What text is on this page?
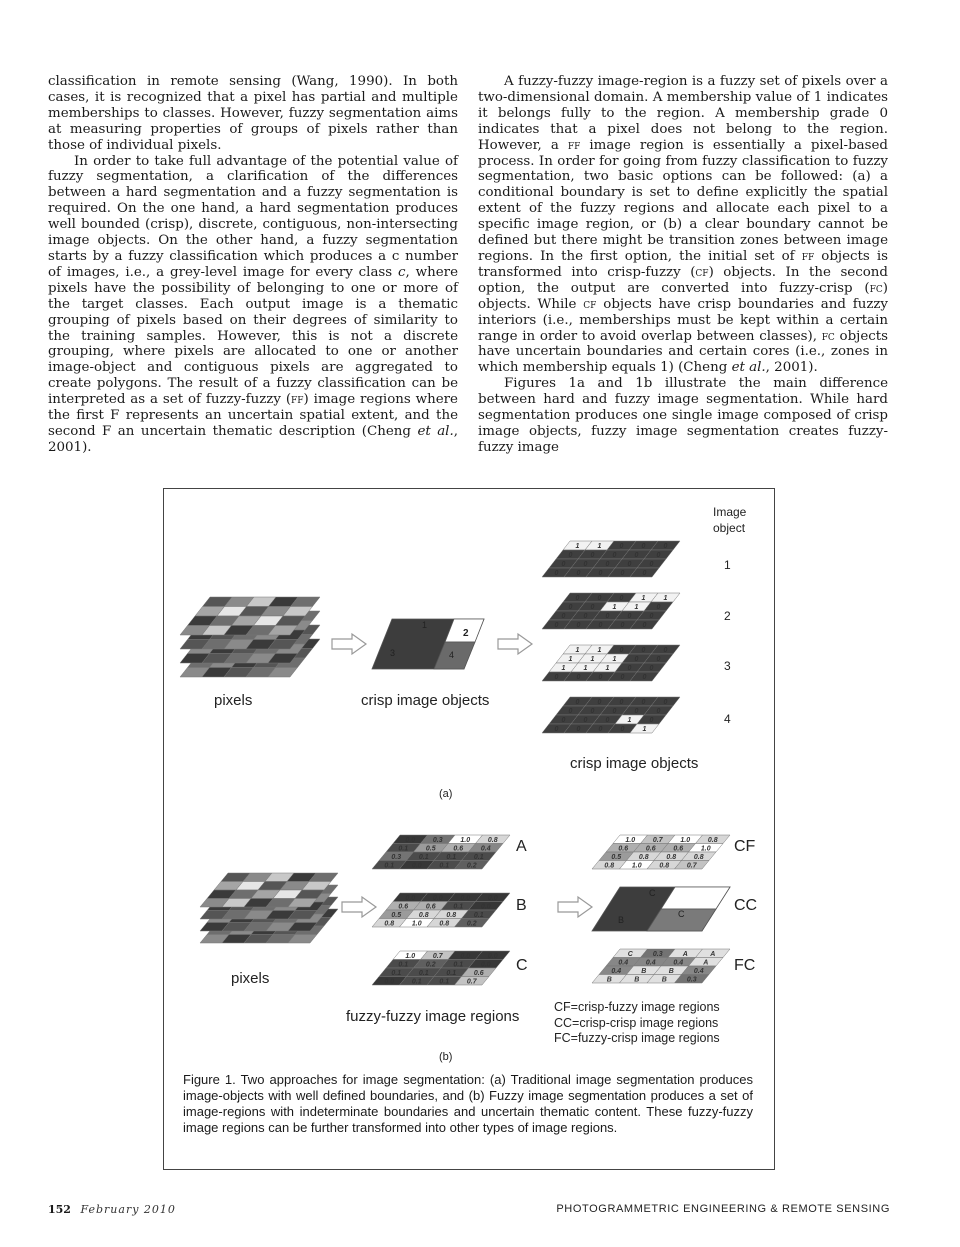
classification in remote sensing (Wang, 1990). In both cases, it is recognized that a pixel has partial and multiple memberships to classes. However, fuzzy segmentation aims at measuring properties of groups of pixels rather than those of individual pixels.

In order to take full advantage of the potential value of fuzzy segmentation, a clarification of the differences between a hard segmentation and a fuzzy segmentation is required. On the one hand, a hard segmentation produces well bounded (crisp), discrete, contiguous, non-intersecting image objects. On the other hand, a fuzzy segmentation starts by a fuzzy classification which produces a c number of images, i.e., a grey-level image for every class c, where pixels have the possibility of belonging to one or more of the target classes. Each output image is a thematic grouping of pixels based on their degrees of similarity to the training samples. However, this is not a discrete grouping, where pixels are allocated to one or another image-object and contiguous pixels are aggregated to create polygons. The result of a fuzzy classification can be interpreted as a set of fuzzy-fuzzy (ff) image regions where the first F represents an uncertain spatial extent, and the second F an uncertain thematic description (Cheng et al., 2001).

A fuzzy-fuzzy image-region is a fuzzy set of pixels over a two-dimensional domain. A membership value of 1 indicates it belongs fully to the region. A membership grade 0 indicates that a pixel does not belong to the region. However, a ff image region is essentially a pixel-based process. In order for going from fuzzy classification to fuzzy segmentation, two basic options can be followed: (a) a conditional boundary is set to define explicitly the spatial extent of the fuzzy regions and allocate each pixel to a specific image region, or (b) a clear boundary cannot be defined but there might be transition zones between image regions. In the first option, the initial set of ff objects is transformed into crisp-fuzzy (cf) objects. In the second option, the output are converted into fuzzy-crisp (fc) objects. While cf objects have crisp boundaries and fuzzy interiors (i.e., memberships must be kept within a certain range in order to avoid overlap between classes), fc objects have uncertain boundaries and certain cores (i.e., zones in which membership equals 1) (Cheng et al., 2001).

Figures 1a and 1b illustrate the main difference between hard and fuzzy image segmentation. While hard segmentation produces one single image composed of crisp image objects, fuzzy image segmentation creates fuzzy-fuzzy image

1	1	0	0	0
0	0	0	0	0
0	0	0	0	0
0	0	0	0	0
0	0	0	1	1
0	0	1	1	0
0	0	0	0	0
0	0	0	0	0
1	1	0	0	0
1	1	1	0	0
1	1	1	0	0
0	0	0	0	0
0	0	0	0	0
0	0	0	0	0
0	0	0	1	0
0	0	0	0	1
0.0	0.3	1.0	0.8
0.1	0.5	0.6	0.4
0.3	0.1	0.1	0.1
0.1	0.0	0.1	0.2
0.0	0.0	0.0	0.0
0.6	0.6	0.1	0.0
0.5	0.8	0.8	0.1
0.8	1.0	0.8	0.2
1.0	0.7	0.0	0.0
0.1	0.2	0.1	0.0
0.1	0.1	0.1	0.6
0.0	0.1	0.1	0.7
1.0	0.7	1.0	0.8
0.6	0.6	0.6	1.0
0.5	0.8	0.8	0.8
0.8	1.0	0.8	0.7
C	0.3	A	A
0.4	0.4	0.4	A
0.4	B	B	0.4
B	B	B	0.3
Image
object
1
2
3
4
pixels	crisp image objects
crisp image objects
(a)
1
2
3	4
A
B
C
CF
CC
FC
pixels
fuzzy-fuzzy image regions
CF=crisp-fuzzy image regions
CC=crisp-crisp image regions
FC=fuzzy-crisp image regions
(b)
C
B
C
Figure 1. Two approaches for image segmentation: (a) Traditional image segmentation produces image-objects with well defined boundaries, and (b) Fuzzy image segmentation produces a set of image-regions with indeterminate boundaries and uncertain thematic content. These fuzzy-fuzzy image regions can be further transformed into other types of image regions.
152 February 2010	PHOTOGRAMMETRIC ENGINEERING & REMOTE SENSING
